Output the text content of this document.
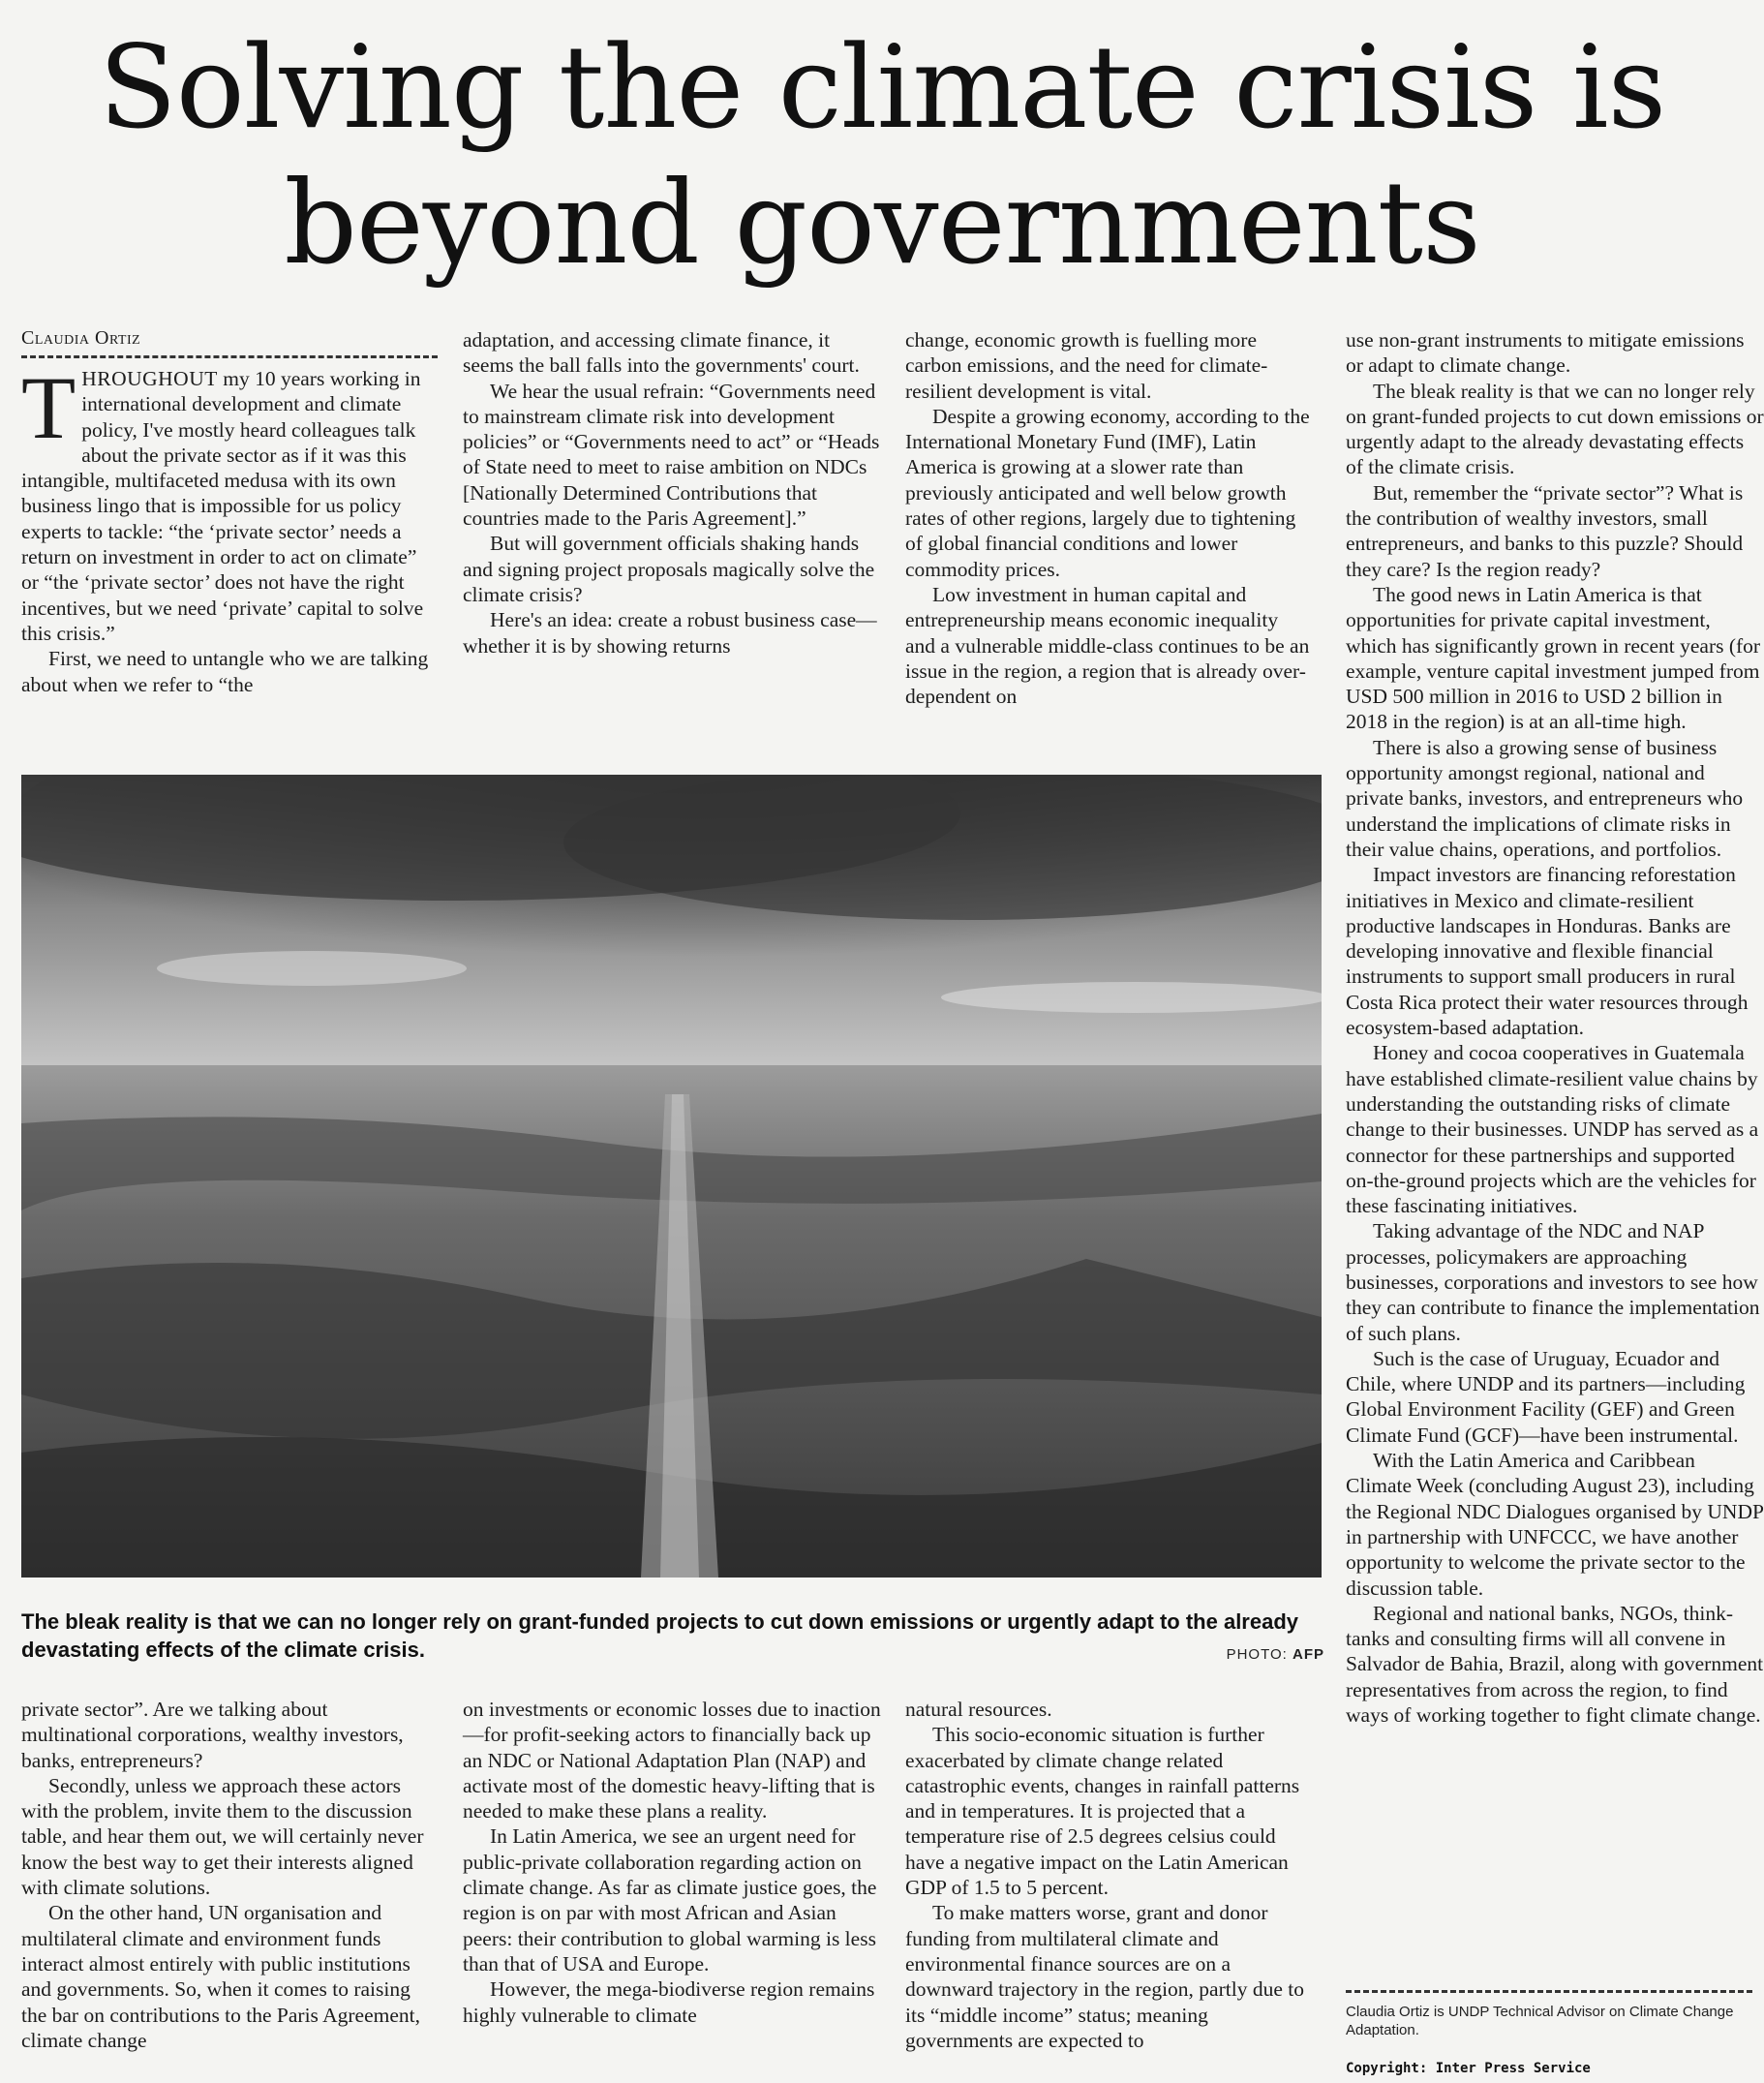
Solving the climate crisis is
beyond governments
Claudia Ortiz

THROUGHOUT my 10 years working in international development and climate policy, I've mostly heard colleagues talk about the private sector as if it was this intangible, multifaceted medusa with its own business lingo that is impossible for us policy experts to tackle: “the ‘private sector’ needs a return on investment in order to act on climate” or “the ‘private sector’ does not have the right incentives, but we need ‘private’ capital to solve this crisis.”

First, we need to untangle who we are talking about when we refer to “the

adaptation, and accessing climate finance, it seems the ball falls into the governments' court.

We hear the usual refrain: “Governments need to mainstream climate risk into development policies” or “Governments need to act” or “Heads of State need to meet to raise ambition on NDCs [Nationally Determined Contributions that countries made to the Paris Agreement].”

But will government officials shaking hands and signing project proposals magically solve the climate crisis?

Here's an idea: create a robust business case—whether it is by showing returns

change, economic growth is fuelling more carbon emissions, and the need for climate-resilient development is vital.

Despite a growing economy, according to the International Monetary Fund (IMF), Latin America is growing at a slower rate than previously anticipated and well below growth rates of other regions, largely due to tightening of global financial conditions and lower commodity prices.

Low investment in human capital and entrepreneurship means economic inequality and a vulnerable middle-class continues to be an issue in the region, a region that is already over-dependent on

use non-grant instruments to mitigate emissions or adapt to climate change.

The bleak reality is that we can no longer rely on grant-funded projects to cut down emissions or urgently adapt to the already devastating effects of the climate crisis.

But, remember the “private sector”? What is the contribution of wealthy investors, small entrepreneurs, and banks to this puzzle? Should they care? Is the region ready?

The good news in Latin America is that opportunities for private capital investment, which has significantly grown in recent years (for example, venture capital investment jumped from USD 500 million in 2016 to USD 2 billion in 2018 in the region) is at an all-time high.

There is also a growing sense of business opportunity amongst regional, national and private banks, investors, and entrepreneurs who understand the implications of climate risks in their value chains, operations, and portfolios.

Impact investors are financing reforestation initiatives in Mexico and climate-resilient productive landscapes in Honduras. Banks are developing innovative and flexible financial instruments to support small producers in rural Costa Rica protect their water resources through ecosystem-based adaptation.

Honey and cocoa cooperatives in Guatemala have established climate-resilient value chains by understanding the outstanding risks of climate change to their businesses. UNDP has served as a connector for these partnerships and supported on-the-ground projects which are the vehicles for these fascinating initiatives.

Taking advantage of the NDC and NAP processes, policymakers are approaching businesses, corporations and investors to see how they can contribute to finance the implementation of such plans.

Such is the case of Uruguay, Ecuador and Chile, where UNDP and its partners—including Global Environment Facility (GEF) and Green Climate Fund (GCF)—have been instrumental.

With the Latin America and Caribbean Climate Week (concluding August 23), including the Regional NDC Dialogues organised by UNDP in partnership with UNFCCC, we have another opportunity to welcome the private sector to the discussion table.

Regional and national banks, NGOs, think-tanks and consulting firms will all convene in Salvador de Bahia, Brazil, along with government representatives from across the region, to find ways of working together to fight climate change.

The bleak reality is that we can no longer rely on grant-funded projects to cut down emissions or urgently adapt to the already devastating effects of the climate crisis.	PHOTO: AFP

private sector”. Are we talking about multinational corporations, wealthy investors, banks, entrepreneurs?

Secondly, unless we approach these actors with the problem, invite them to the discussion table, and hear them out, we will certainly never know the best way to get their interests aligned with climate solutions.

On the other hand, UN organisation and multilateral climate and environment funds interact almost entirely with public institutions and governments. So, when it comes to raising the bar on contributions to the Paris Agreement, climate change

on investments or economic losses due to inaction—for profit-seeking actors to financially back up an NDC or National Adaptation Plan (NAP) and activate most of the domestic heavy-lifting that is needed to make these plans a reality.

In Latin America, we see an urgent need for public-private collaboration regarding action on climate change. As far as climate justice goes, the region is on par with most African and Asian peers: their contribution to global warming is less than that of USA and Europe.

However, the mega-biodiverse region remains highly vulnerable to climate

natural resources.

This socio-economic situation is further exacerbated by climate change related catastrophic events, changes in rainfall patterns and in temperatures. It is projected that a temperature rise of 2.5 degrees celsius could have a negative impact on the Latin American GDP of 1.5 to 5 percent.

To make matters worse, grant and donor funding from multilateral climate and environmental finance sources are on a downward trajectory in the region, partly due to its “middle income” status; meaning governments are expected to

Claudia Ortiz is UNDP Technical Advisor on Climate Change Adaptation.
Copyright: Inter Press Service
